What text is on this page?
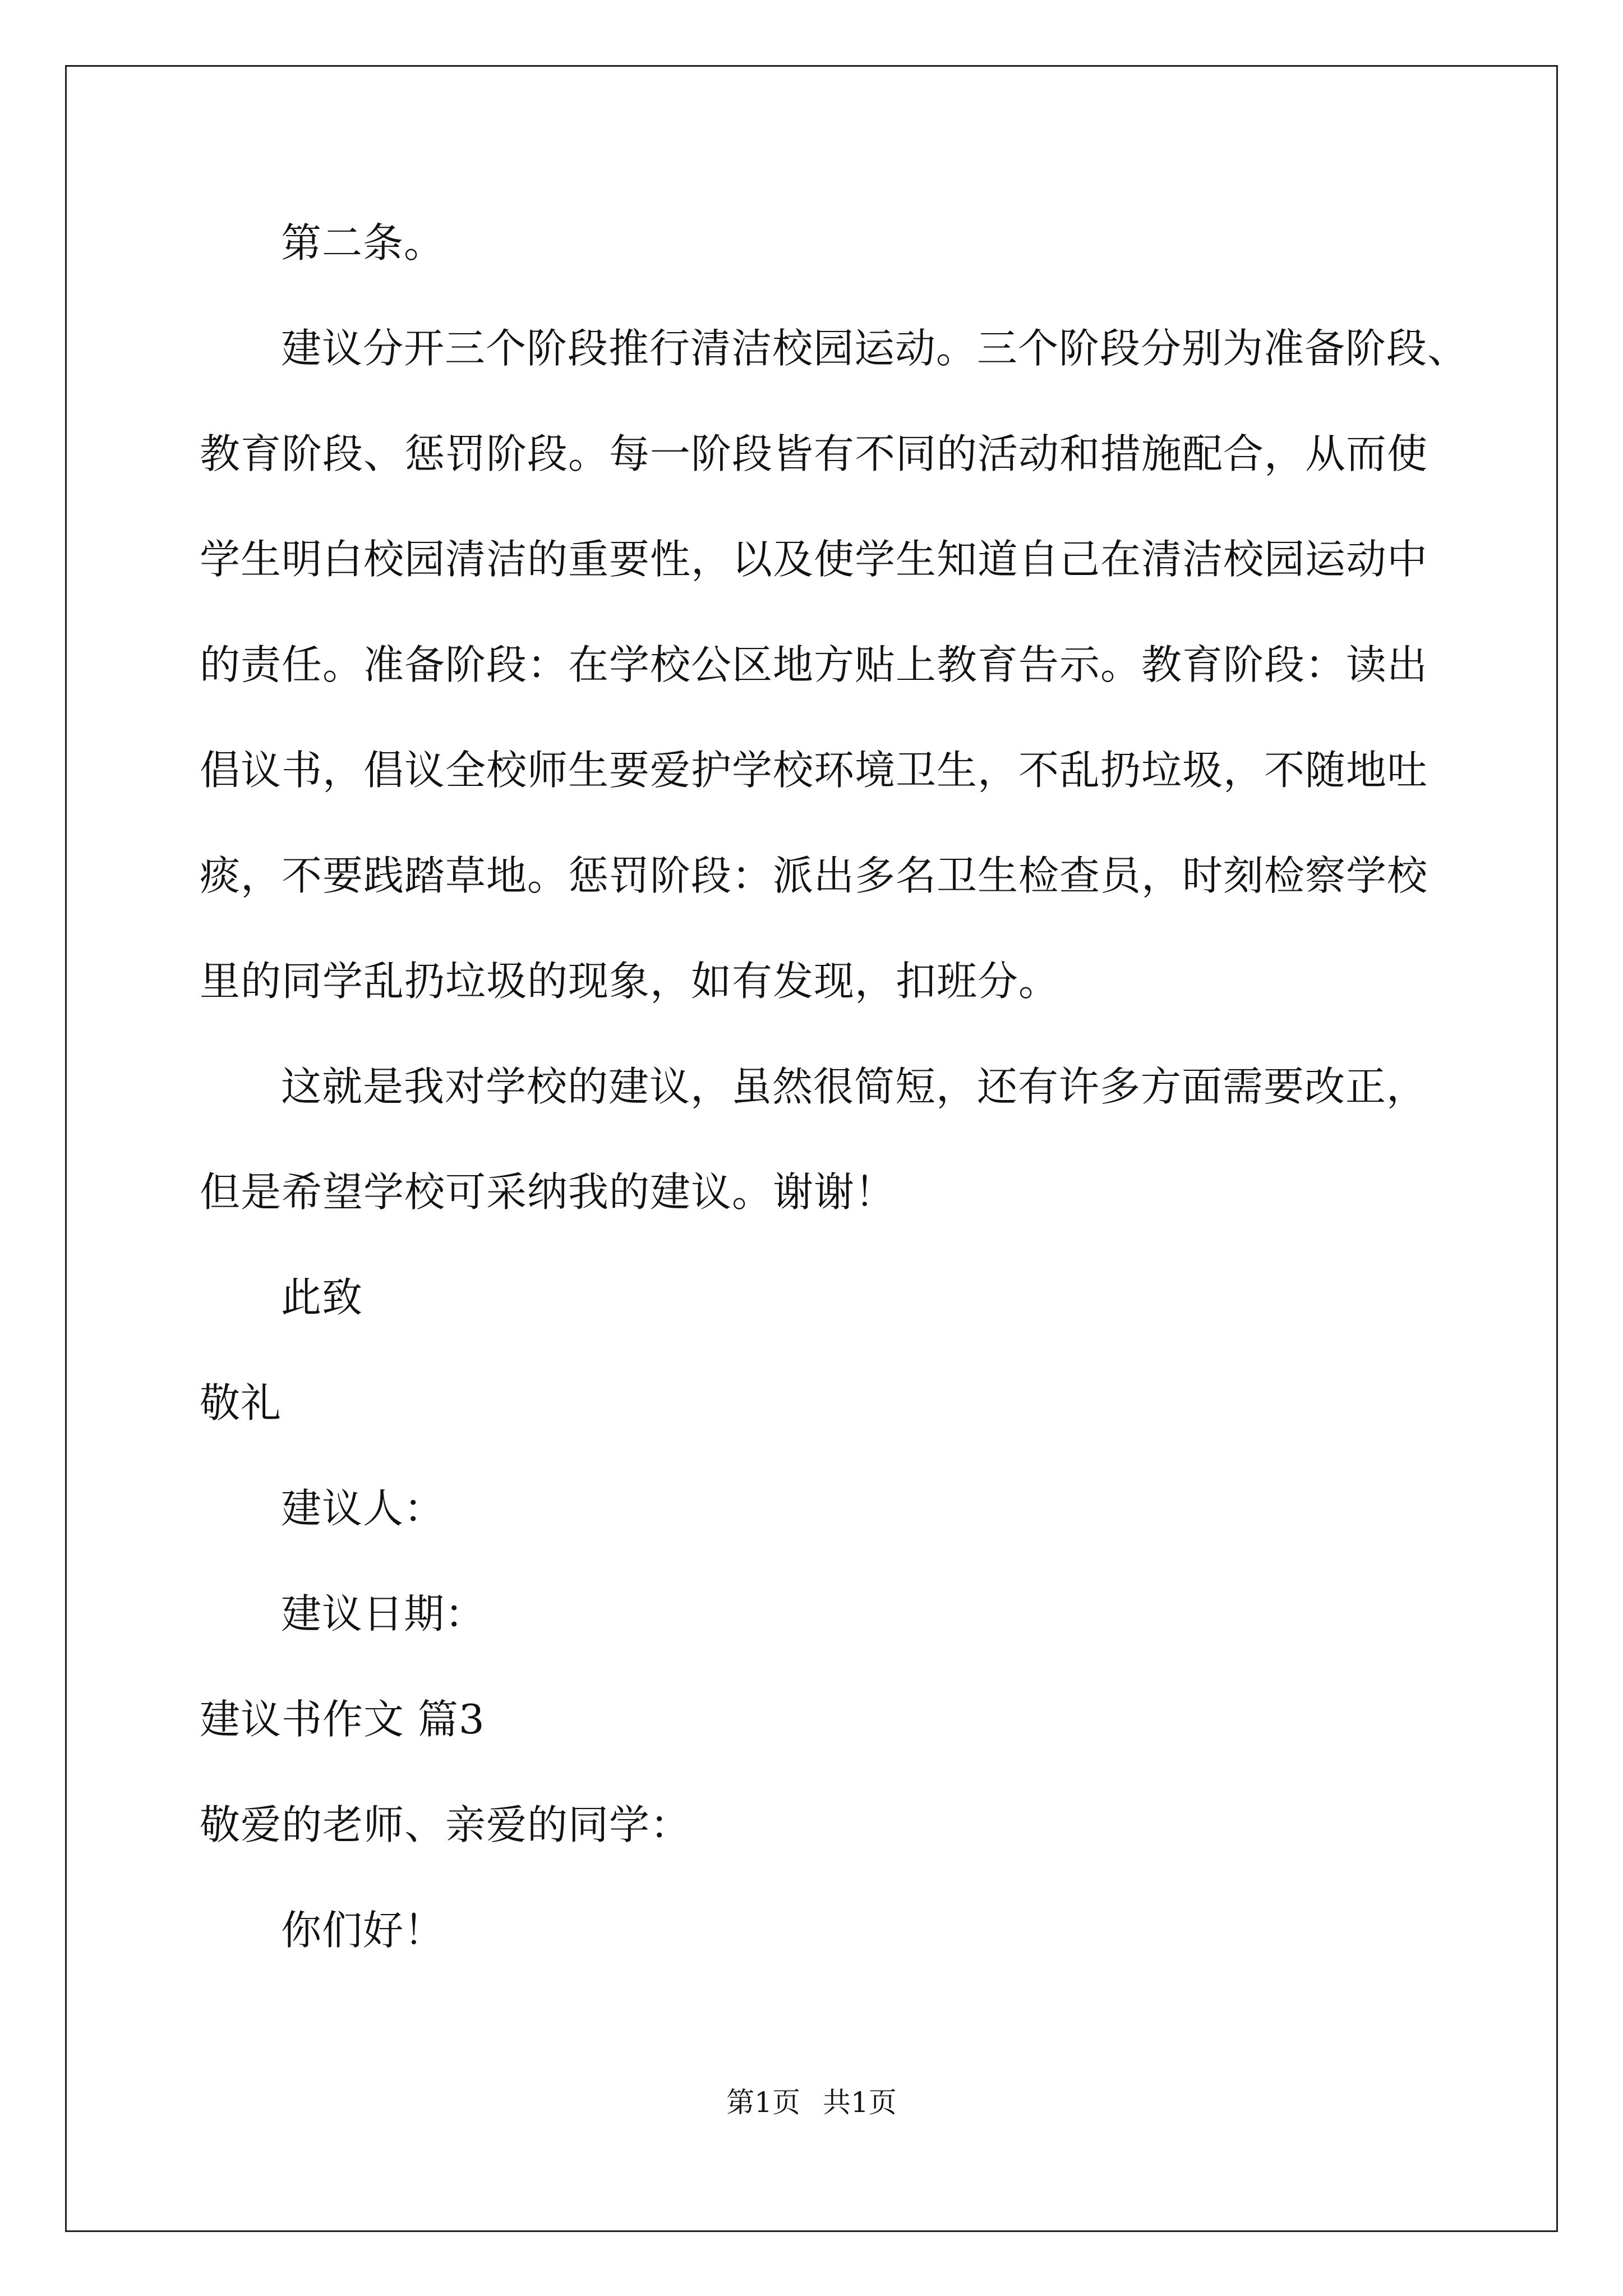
第二条。

建议分开三个阶段推行清洁校园运动。三个阶段分别为准备阶段、

教育阶段、惩罚阶段。每一阶段皆有不同的活动和措施配合，从而使

学生明白校园清洁的重要性，以及使学生知道自己在清洁校园运动中

的责任。准备阶段：在学校公区地方贴上教育告示。教育阶段：读出

倡议书，倡议全校师生要爱护学校环境卫生，不乱扔垃圾，不随地吐

痰，不要践踏草地。惩罚阶段：派出多名卫生检查员，时刻检察学校

里的同学乱扔垃圾的现象，如有发现，扣班分。

这就是我对学校的建议，虽然很简短，还有许多方面需要改正，

但是希望学校可采纳我的建议。谢谢！

此致

敬礼

建议人：

建议日期：

建议书作文 篇3

敬爱的老师、亲爱的同学：

你们好！

第1页 共1页
